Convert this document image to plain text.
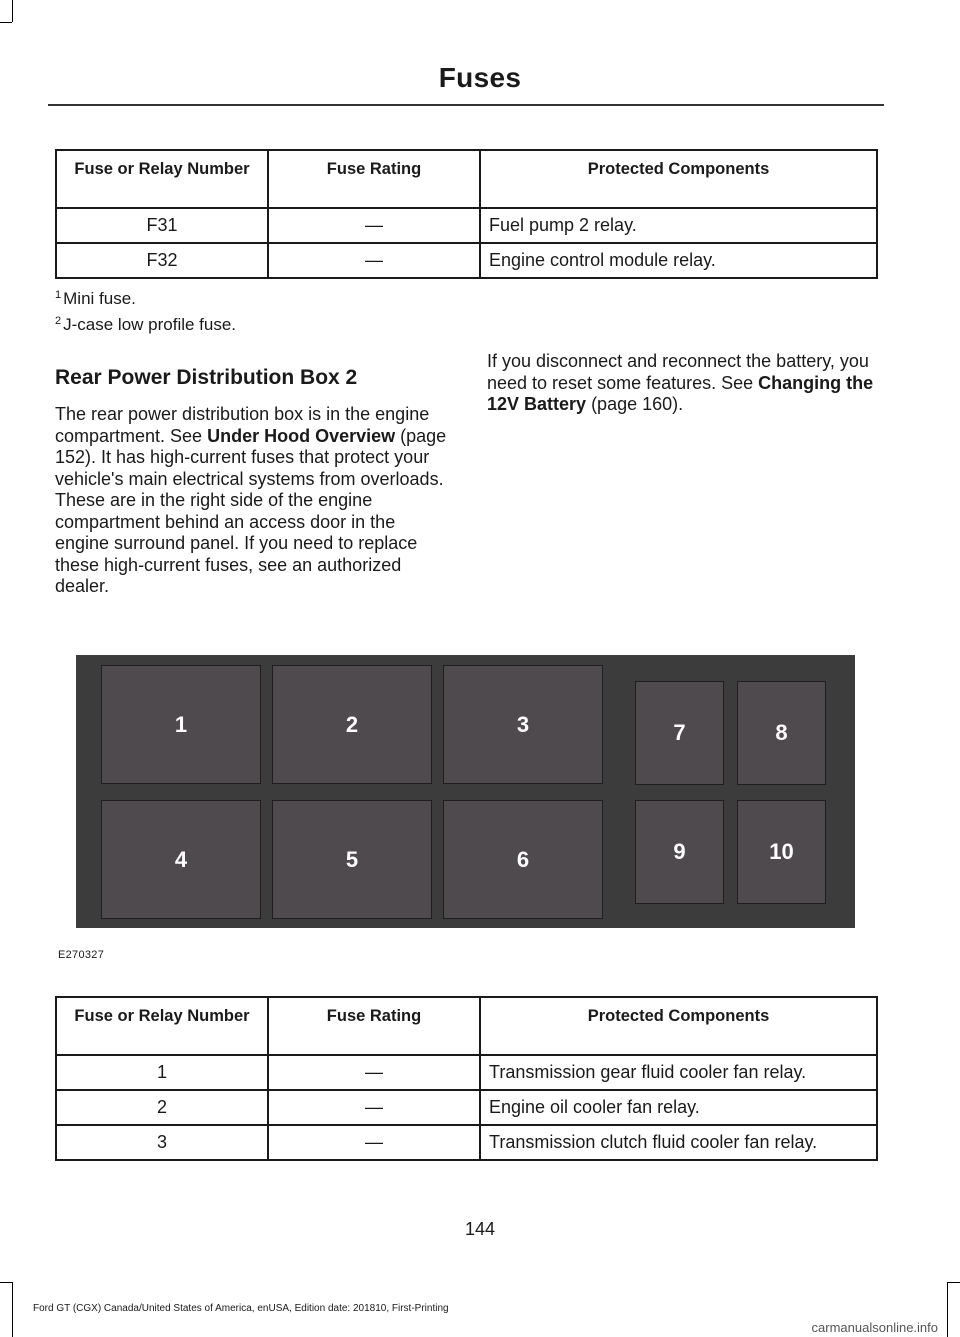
Fuses
Fuse or Relay Number	Fuse Rating	Protected Components
F31	—	Fuel pump 2 relay.
F32	—	Engine control module relay.
$^1$ Mini fuse.
$^2$ J-case low profile fuse.
Rear Power Distribution Box 2

The rear power distribution box is in the engine compartment. See Under Hood Overview (page 152). It has high-current fuses that protect your vehicle's main electrical systems from overloads. These are in the right side of the engine compartment behind an access door in the engine surround panel. If you need to replace these high-current fuses, see an authorized dealer.

If you disconnect and reconnect the battery, you need to reset some features. See Changing the 12V Battery (page 160).

1	2	3
4	5	6
7	8
9	10
E270327
Fuse or Relay Number	Fuse Rating	Protected Components
1	—	Transmission gear fluid cooler fan relay.
2	—	Engine oil cooler fan relay.
3	—	Transmission clutch fluid cooler fan relay.
144
Ford GT (CGX) Canada/United States of America, enUSA, Edition date: 201810, First-Printing
carmanualsonline.info
